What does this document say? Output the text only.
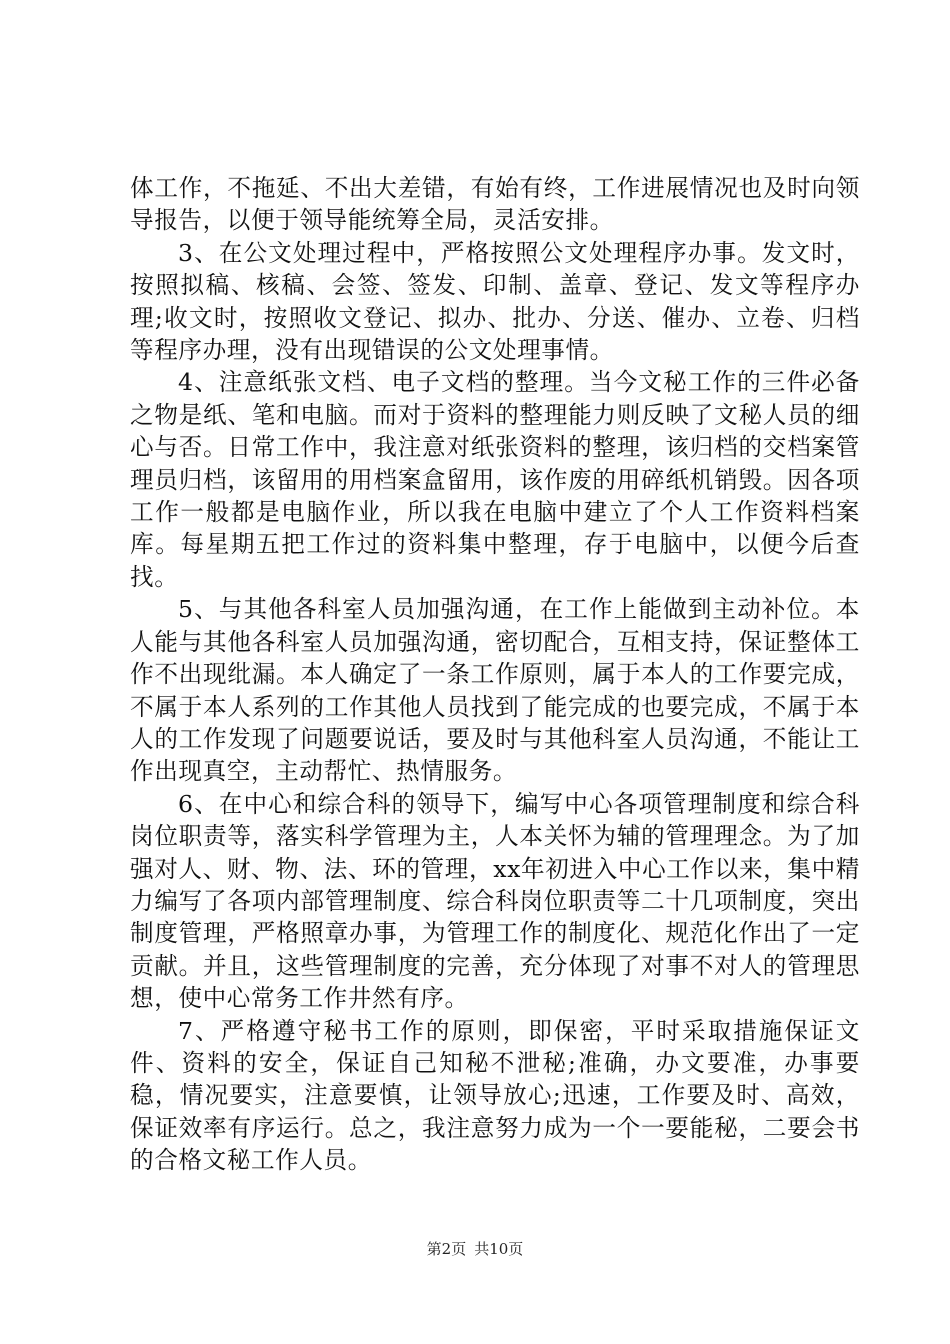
体工作，不拖延、不出大差错，有始有终，工作进展情况也及时向领导报告，以便于领导能统筹全局，灵活安排。

3、在公文处理过程中，严格按照公文处理程序办事。发文时，按照拟稿、核稿、会签、签发、印制、盖章、登记、发文等程序办理;收文时，按照收文登记、拟办、批办、分送、催办、立卷、归档等程序办理，没有出现错误的公文处理事情。

4、注意纸张文档、电子文档的整理。当今文秘工作的三件必备之物是纸、笔和电脑。而对于资料的整理能力则反映了文秘人员的细心与否。日常工作中，我注意对纸张资料的整理，该归档的交档案管理员归档，该留用的用档案盒留用，该作废的用碎纸机销毁。因各项工作一般都是电脑作业，所以我在电脑中建立了个人工作资料档案库。每星期五把工作过的资料集中整理，存于电脑中，以便今后查找。

5、与其他各科室人员加强沟通，在工作上能做到主动补位。本人能与其他各科室人员加强沟通，密切配合，互相支持，保证整体工作不出现纰漏。本人确定了一条工作原则，属于本人的工作要完成，不属于本人系列的工作其他人员找到了能完成的也要完成，不属于本人的工作发现了问题要说话，要及时与其他科室人员沟通，不能让工作出现真空，主动帮忙、热情服务。

6、在中心和综合科的领导下，编写中心各项管理制度和综合科岗位职责等，落实科学管理为主，人本关怀为辅的管理理念。为了加强对人、财、物、法、环的管理，xx年初进入中心工作以来，集中精力编写了各项内部管理制度、综合科岗位职责等二十几项制度，突出制度管理，严格照章办事，为管理工作的制度化、规范化作出了一定贡献。并且，这些管理制度的完善，充分体现了对事不对人的管理思想，使中心常务工作井然有序。

7、严格遵守秘书工作的原则，即保密，平时采取措施保证文件、资料的安全，保证自己知秘不泄秘;准确，办文要准，办事要稳，情况要实，注意要慎，让领导放心;迅速，工作要及时、高效，保证效率有序运行。总之，我注意努力成为一个一要能秘，二要会书的合格文秘工作人员。

第2页 共10页
